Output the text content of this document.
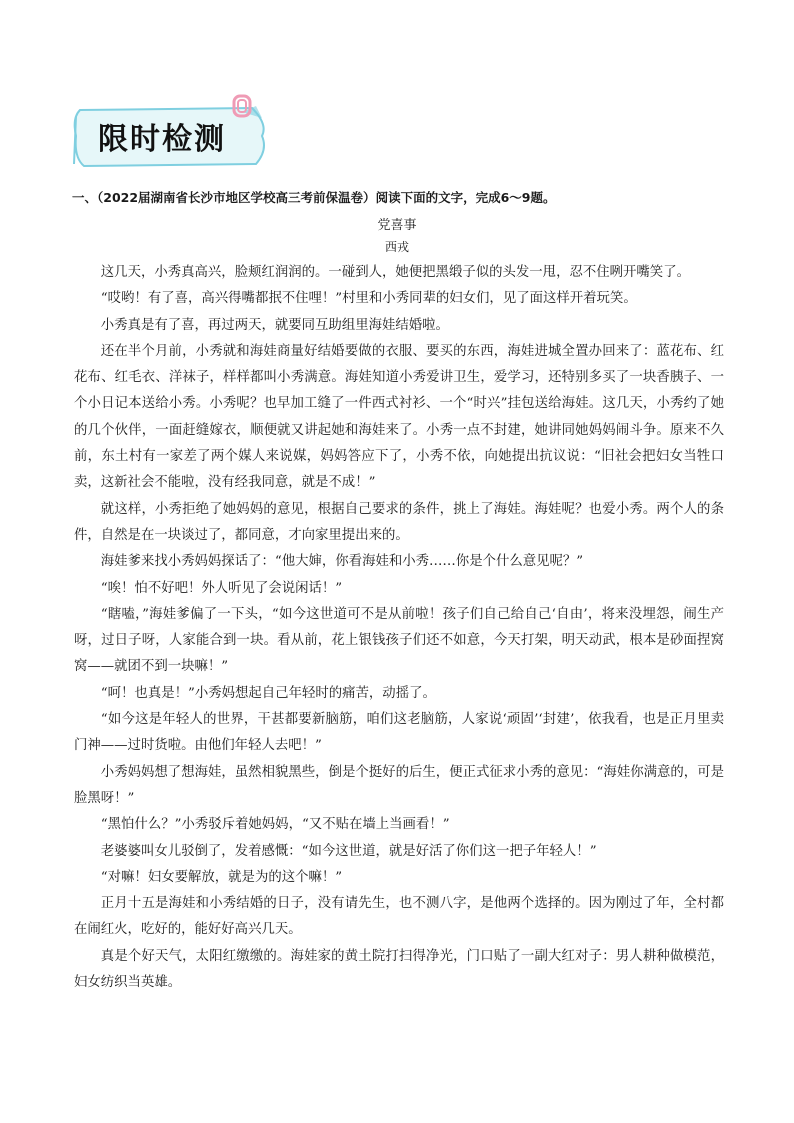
限时检测
一、（2022届湖南省长沙市地区学校高三考前保温卷）阅读下面的文字，完成6～9题。
党喜事
西戎

这几天，小秀真高兴，脸颊红润润的。一碰到人，她便把黑缎子似的头发一甩，忍不住咧开嘴笑了。

“哎哟！有了喜，高兴得嘴都抿不住哩！”村里和小秀同辈的妇女们，见了面这样开着玩笑。

小秀真是有了喜，再过两天，就要同互助组里海娃结婚啦。

还在半个月前，小秀就和海娃商量好结婚要做的衣服、要买的东西，海娃进城全置办回来了：蓝花布、红花布、红毛衣、洋袜子，样样都叫小秀满意。海娃知道小秀爱讲卫生，爱学习，还特别多买了一块香胰子、一个小日记本送给小秀。小秀呢？也早加工缝了一件西式衬衫、一个“时兴”挂包送给海娃。这几天，小秀约了她的几个伙伴，一面赶缝嫁衣，顺便就又讲起她和海娃来了。小秀一点不封建，她讲同她妈妈闹斗争。原来不久前，东土村有一家差了两个媒人来说媒，妈妈答应下了，小秀不依，向她提出抗议说：“旧社会把妇女当牲口卖，这新社会不能啦，没有经我同意，就是不成！”

就这样，小秀拒绝了她妈妈的意见，根据自己要求的条件，挑上了海娃。海娃呢？也爱小秀。两个人的条件，自然是在一块谈过了，都同意，才向家里提出来的。

海娃爹来找小秀妈妈探话了：“他大婶，你看海娃和小秀……你是个什么意见呢？”

“唉！怕不好吧！外人听见了会说闲话！”

“瞎嗑，”海娃爹偏了一下头，“如今这世道可不是从前啦！孩子们自己给自己‘自由’，将来没埋怨，闹生产呀，过日子呀，人家能合到一块。看从前，花上银钱孩子们还不如意，今天打架，明天动武，根本是砂面捏窝窝——就团不到一块嘛！”

“呵！也真是！”小秀妈想起自己年轻时的痛苦，动摇了。

“如今这是年轻人的世界，干甚都要新脑筋，咱们这老脑筋，人家说‘顽固’‘封建’，依我看，也是正月里卖门神——过时货啦。由他们年轻人去吧！”

小秀妈妈想了想海娃，虽然相貌黑些，倒是个挺好的后生，便正式征求小秀的意见：“海娃你满意的，可是脸黑呀！”

“黑怕什么？”小秀驳斥着她妈妈，“又不贴在墙上当画看！”

老婆婆叫女儿驳倒了，发着感慨：“如今这世道，就是好活了你们这一把子年轻人！”

“对嘛！妇女要解放，就是为的这个嘛！”

正月十五是海娃和小秀结婚的日子，没有请先生，也不测八字，是他两个选择的。因为刚过了年，全村都在闹红火，吃好的，能好好高兴几天。

真是个好天气，太阳红缴缴的。海娃家的黄土院打扫得净光，门口贴了一副大红对子：男人耕种做模范，妇女纺织当英雄。
